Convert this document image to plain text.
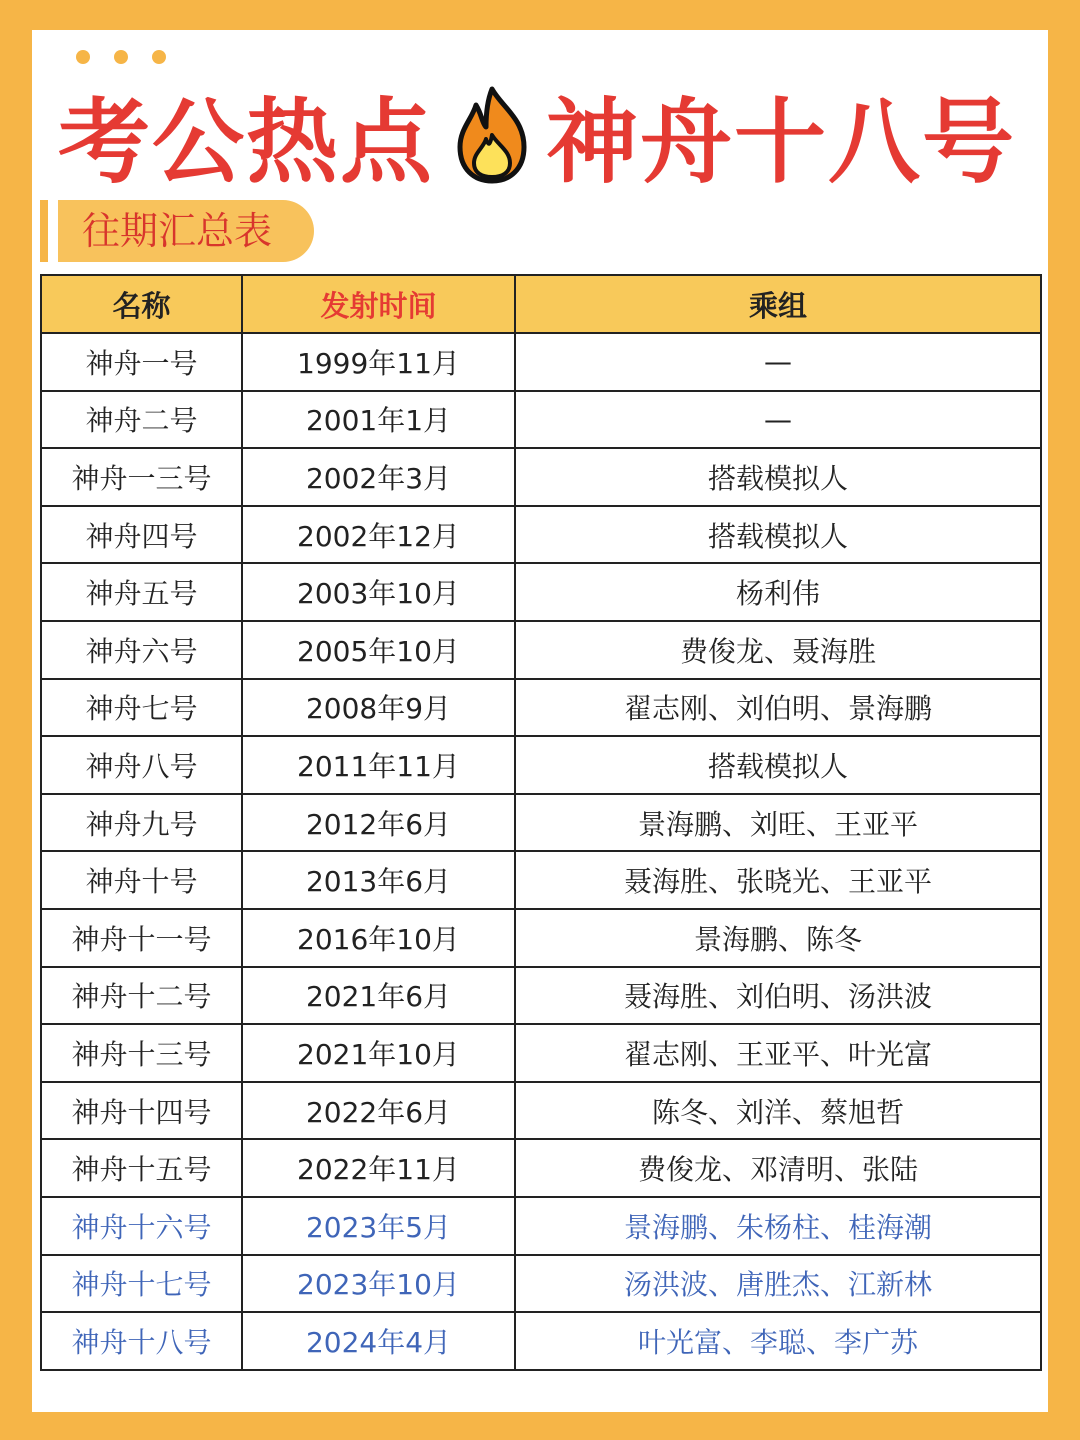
考公热点 神舟十八号
往期汇总表
名称	发射时间	乘组
神舟一号	1999年11月	—
神舟二号	2001年1月	—
神舟一三号	2002年3月	搭载模拟人
神舟四号	2002年12月	搭载模拟人
神舟五号	2003年10月	杨利伟
神舟六号	2005年10月	费俊龙、聂海胜
神舟七号	2008年9月	翟志刚、刘伯明、景海鹏
神舟八号	2011年11月	搭载模拟人
神舟九号	2012年6月	景海鹏、刘旺、王亚平
神舟十号	2013年6月	聂海胜、张晓光、王亚平
神舟十一号	2016年10月	景海鹏、陈冬
神舟十二号	2021年6月	聂海胜、刘伯明、汤洪波
神舟十三号	2021年10月	翟志刚、王亚平、叶光富
神舟十四号	2022年6月	陈冬、刘洋、蔡旭哲
神舟十五号	2022年11月	费俊龙、邓清明、张陆
神舟十六号	2023年5月	景海鹏、朱杨柱、桂海潮
神舟十七号	2023年10月	汤洪波、唐胜杰、江新林
神舟十八号	2024年4月	叶光富、李聪、李广苏
